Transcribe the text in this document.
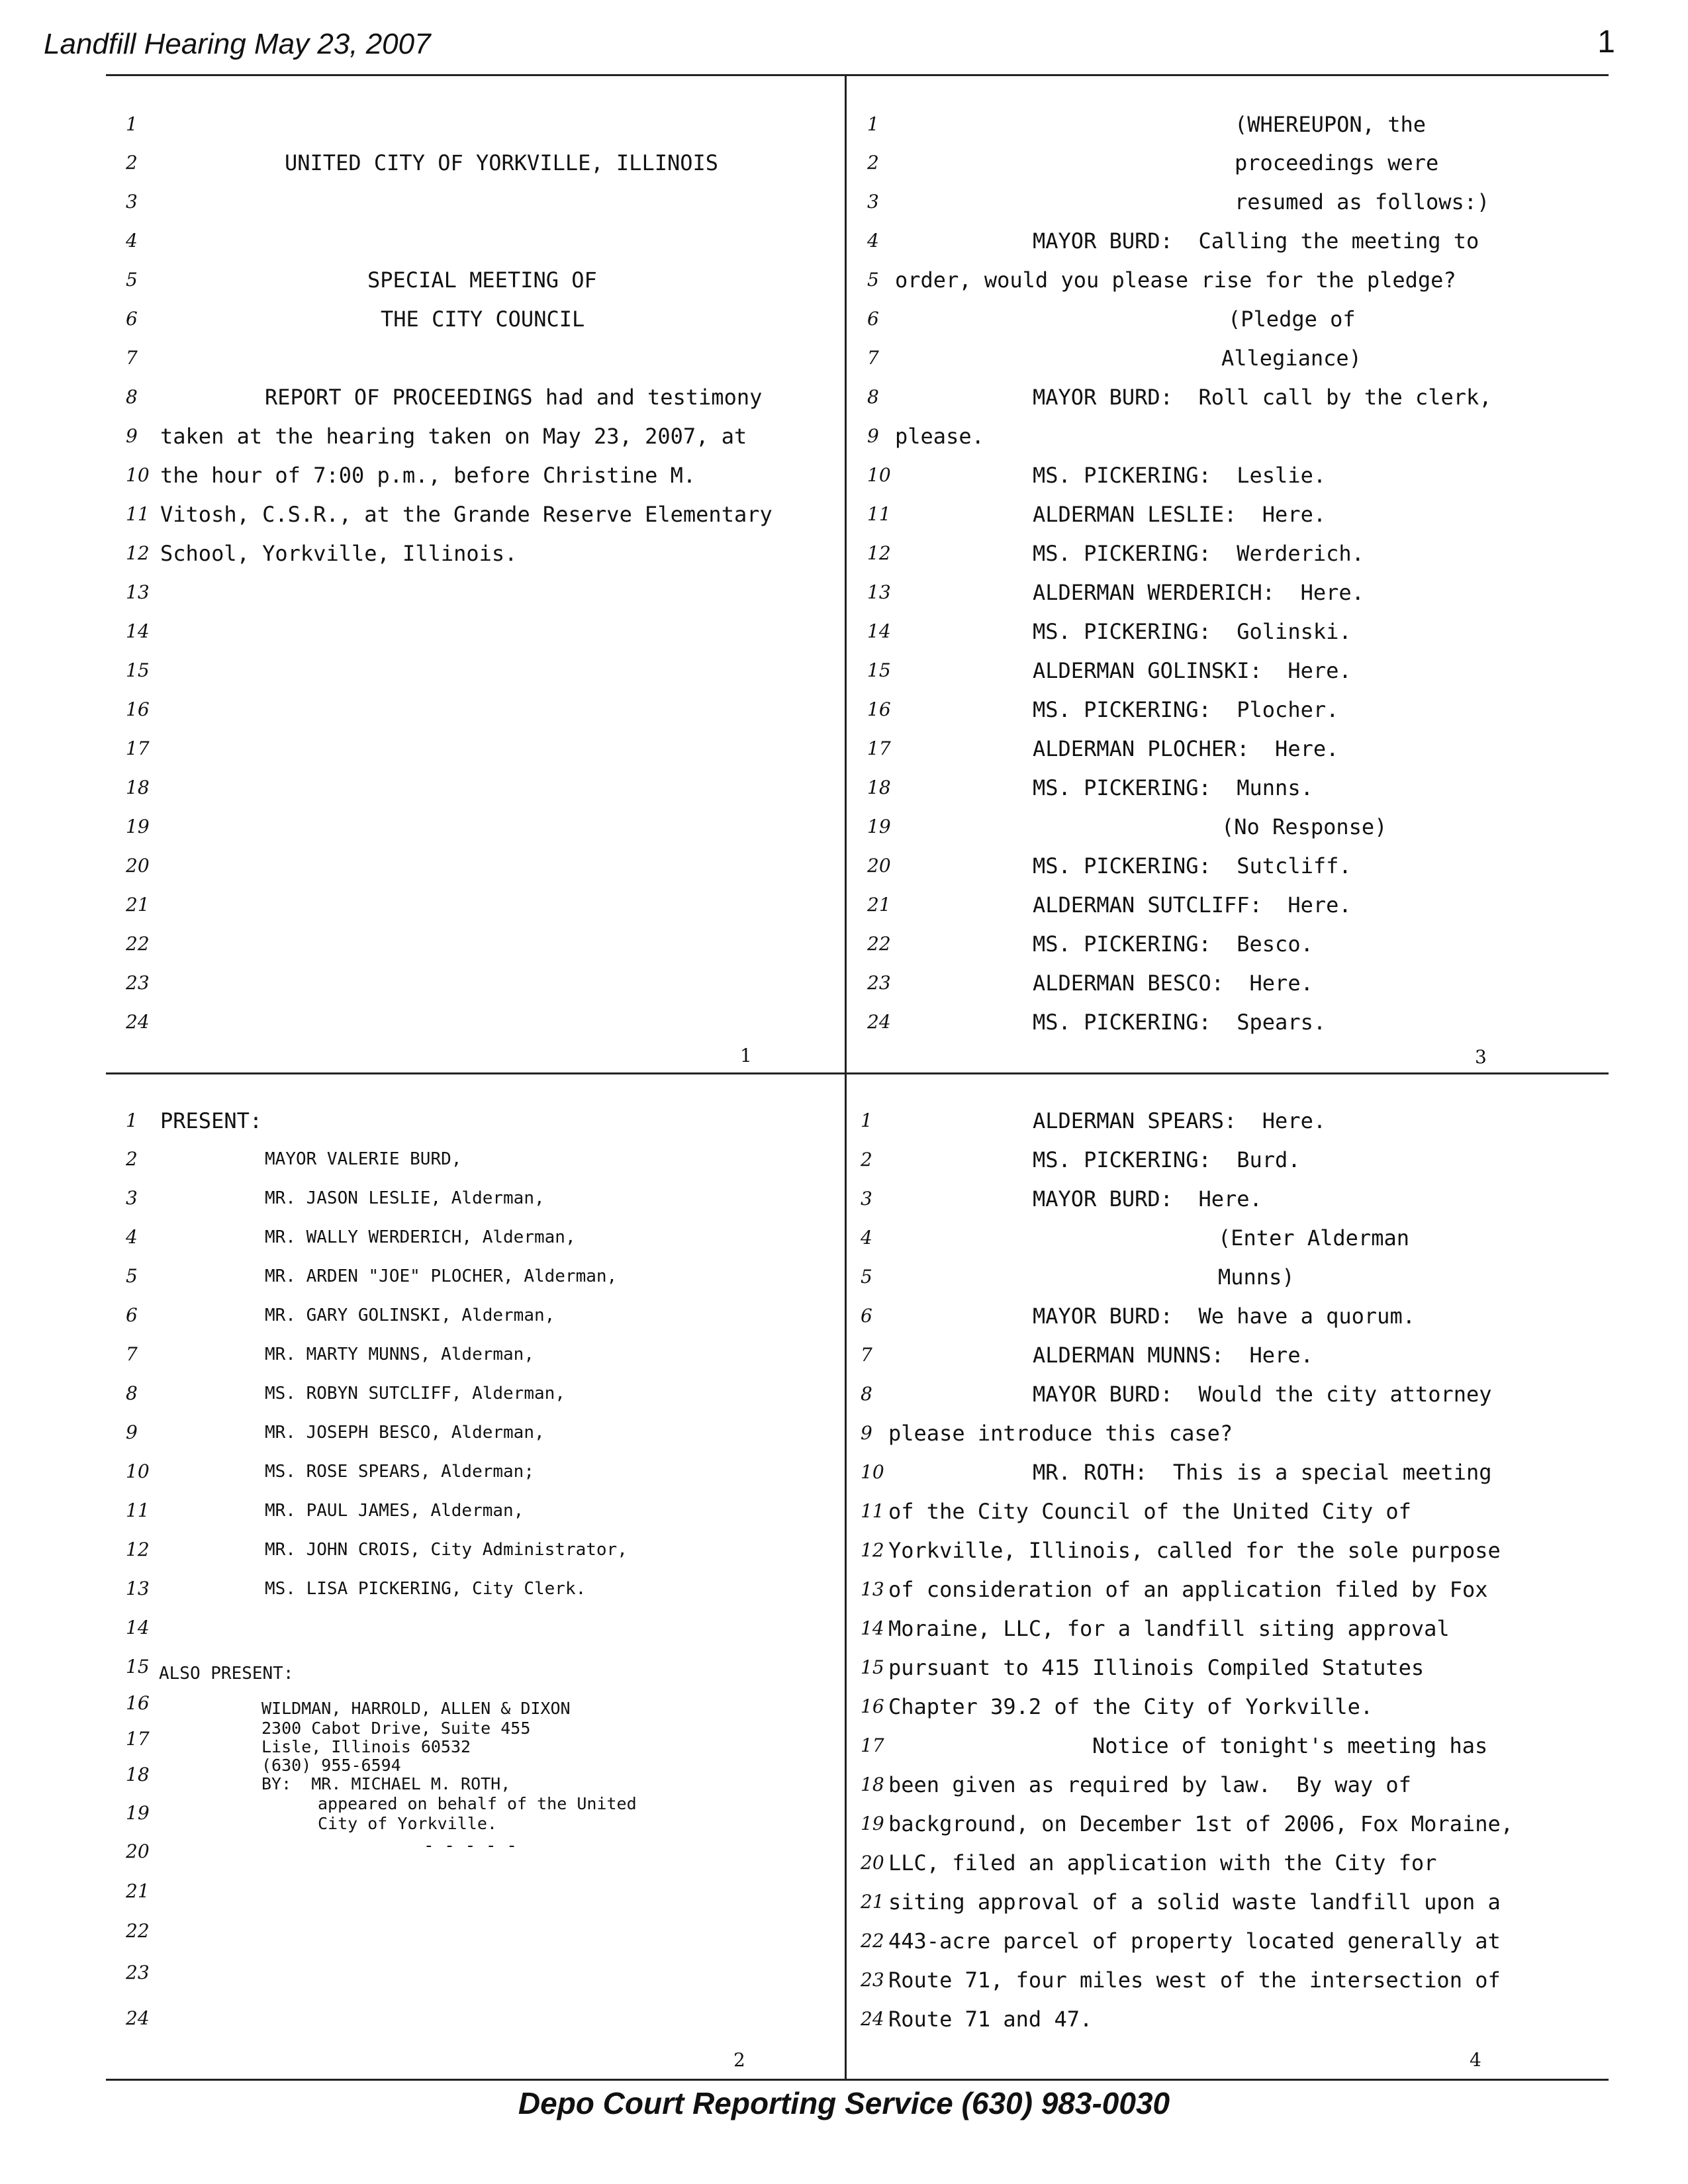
Landfill Hearing May 23, 2007	1
1
2	UNITED CITY OF YORKVILLE, ILLINOIS
3
4
5	SPECIAL MEETING OF
6	THE CITY COUNCIL
7
8	REPORT OF PROCEEDINGS had and testimony
9	taken at the hearing taken on May 23, 2007, at
10 the hour of 7:00 p.m., before Christine M.
11 Vitosh, C.S.R., at the Grande Reserve Elementary
12 School, Yorkville, Illinois.
13
14
15
16
17
18
19
20
21
22
23
24
1
1	(WHEREUPON, the
2	proceedings were
3	resumed as follows:)
4	MAYOR BURD:  Calling the meeting to
5 order, would you please rise for the pledge?
6	(Pledge of
7	Allegiance)
8	MAYOR BURD:  Roll call by the clerk,
9 please.
10	MS. PICKERING:  Leslie.
11	ALDERMAN LESLIE:  Here.
12	MS. PICKERING:  Werderich.
13	ALDERMAN WERDERICH:  Here.
14	MS. PICKERING:  Golinski.
15	ALDERMAN GOLINSKI:  Here.
16	MS. PICKERING:  Plocher.
17	ALDERMAN PLOCHER:  Here.
18	MS. PICKERING:  Munns.
19	(No Response)
20	MS. PICKERING:  Sutcliff.
21	ALDERMAN SUTCLIFF:  Here.
22	MS. PICKERING:  Besco.
23	ALDERMAN BESCO:  Here.
24	MS. PICKERING:  Spears.
3
1	PRESENT:
2	MAYOR VALERIE BURD,
3	MR. JASON LESLIE, Alderman,
4	MR. WALLY WERDERICH, Alderman,
5	MR. ARDEN "JOE" PLOCHER, Alderman,
6	MR. GARY GOLINSKI, Alderman,
7	MR. MARTY MUNNS, Alderman,
8	MS. ROBYN SUTCLIFF, Alderman,
9	MR. JOSEPH BESCO, Alderman,
10	MS. ROSE SPEARS, Alderman;
11	MR. PAUL JAMES, Alderman,
12	MR. JOHN CROIS, City Administrator,
13	MS. LISA PICKERING, City Clerk.
14
15 ALSO PRESENT:
16	WILDMAN, HARROLD, ALLEN & DIXON
17	2300 Cabot Drive, Suite 455
18
Lisle, Illinois 60532
19
(630) 955-6594
20
BY:  MR. MICHAEL M. ROTH,
21
appeared on behalf of the United
22
City of Yorkville.
23
- - - - -
24
2
1	ALDERMAN SPEARS:  Here.
2	MS. PICKERING:  Burd.
3	MAYOR BURD:  Here.
4	(Enter Alderman
5	Munns)
6	MAYOR BURD:  We have a quorum.
7	ALDERMAN MUNNS:  Here.
8	MAYOR BURD:  Would the city attorney
9 please introduce this case?
10	MR. ROTH:  This is a special meeting
11 of the City Council of the United City of
12 Yorkville, Illinois, called for the sole purpose
13 of consideration of an application filed by Fox
14 Moraine, LLC, for a landfill siting approval
15 pursuant to 415 Illinois Compiled Statutes
16 Chapter 39.2 of the City of Yorkville.
17	Notice of tonight's meeting has
18 been given as required by law.  By way of
19 background, on December 1st of 2006, Fox Moraine,
20 LLC, filed an application with the City for
21 siting approval of a solid waste landfill upon a
22 443-acre parcel of property located generally at
23 Route 71, four miles west of the intersection of
24 Route 71 and 47.
4
Depo Court Reporting Service (630) 983-0030
